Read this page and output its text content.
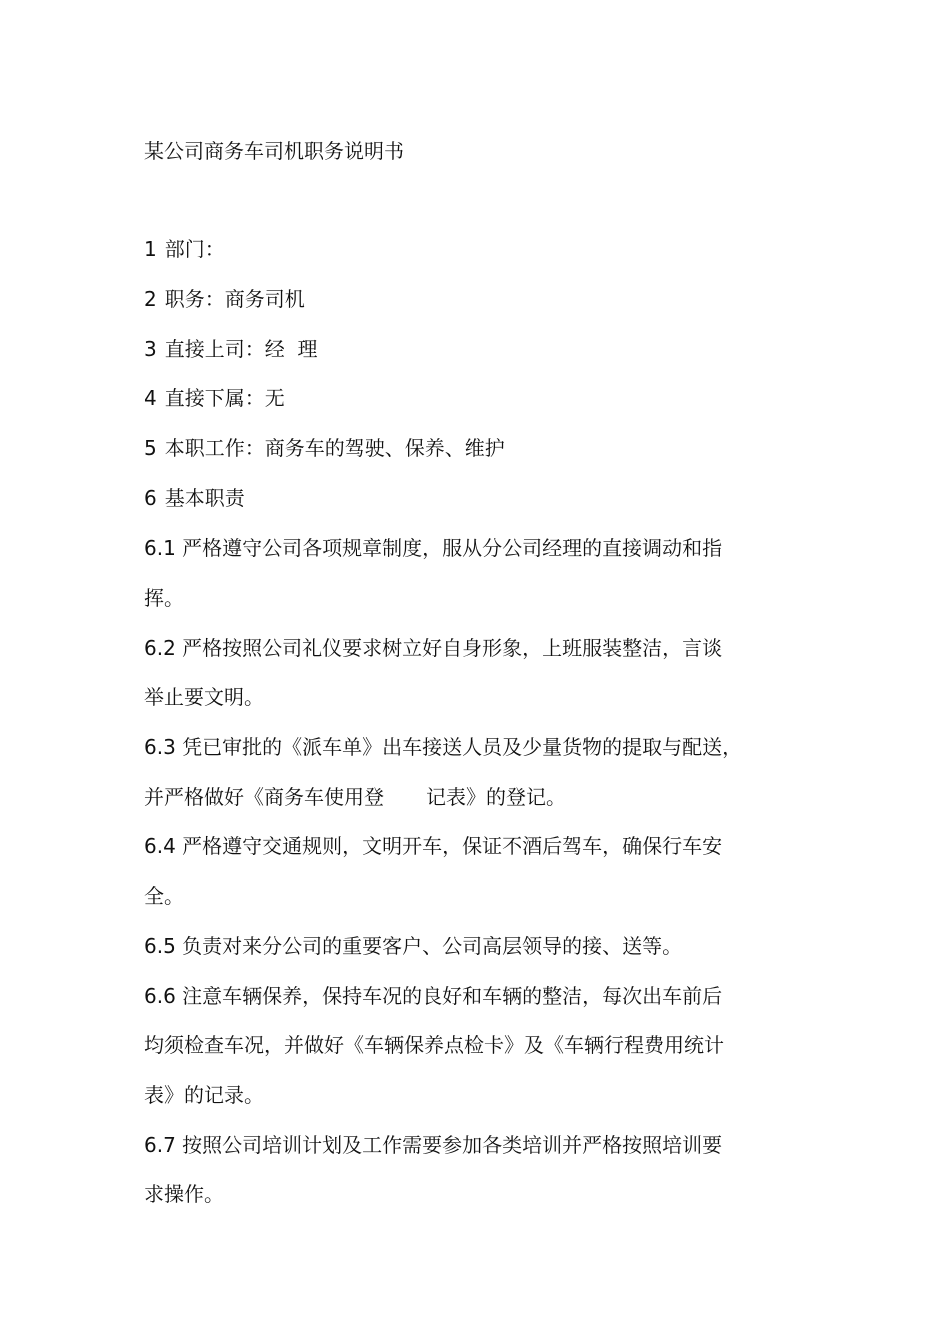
某公司商务车司机职务说明书
1 部门：
2 职务：商务司机
3 直接上司：经  理
4 直接下属：无
5 本职工作：商务车的驾驶、保养、维护
6 基本职责
6.1 严格遵守公司各项规章制度，服从分公司经理的直接调动和指
挥。
6.2 严格按照公司礼仪要求树立好自身形象，上班服装整洁，言谈
举止要文明。
6.3 凭已审批的《派车单》出车接送人员及少量货物的提取与配送，
并严格做好《商务车使用登 记表》的登记。
6.4 严格遵守交通规则，文明开车，保证不酒后驾车，确保行车安
全。
6.5 负责对来分公司的重要客户、公司高层领导的接、送等。
6.6 注意车辆保养，保持车况的良好和车辆的整洁，每次出车前后
均须检查车况，并做好《车辆保养点检卡》及《车辆行程费用统计
表》的记录。
6.7 按照公司培训计划及工作需要参加各类培训并严格按照培训要
求操作。
